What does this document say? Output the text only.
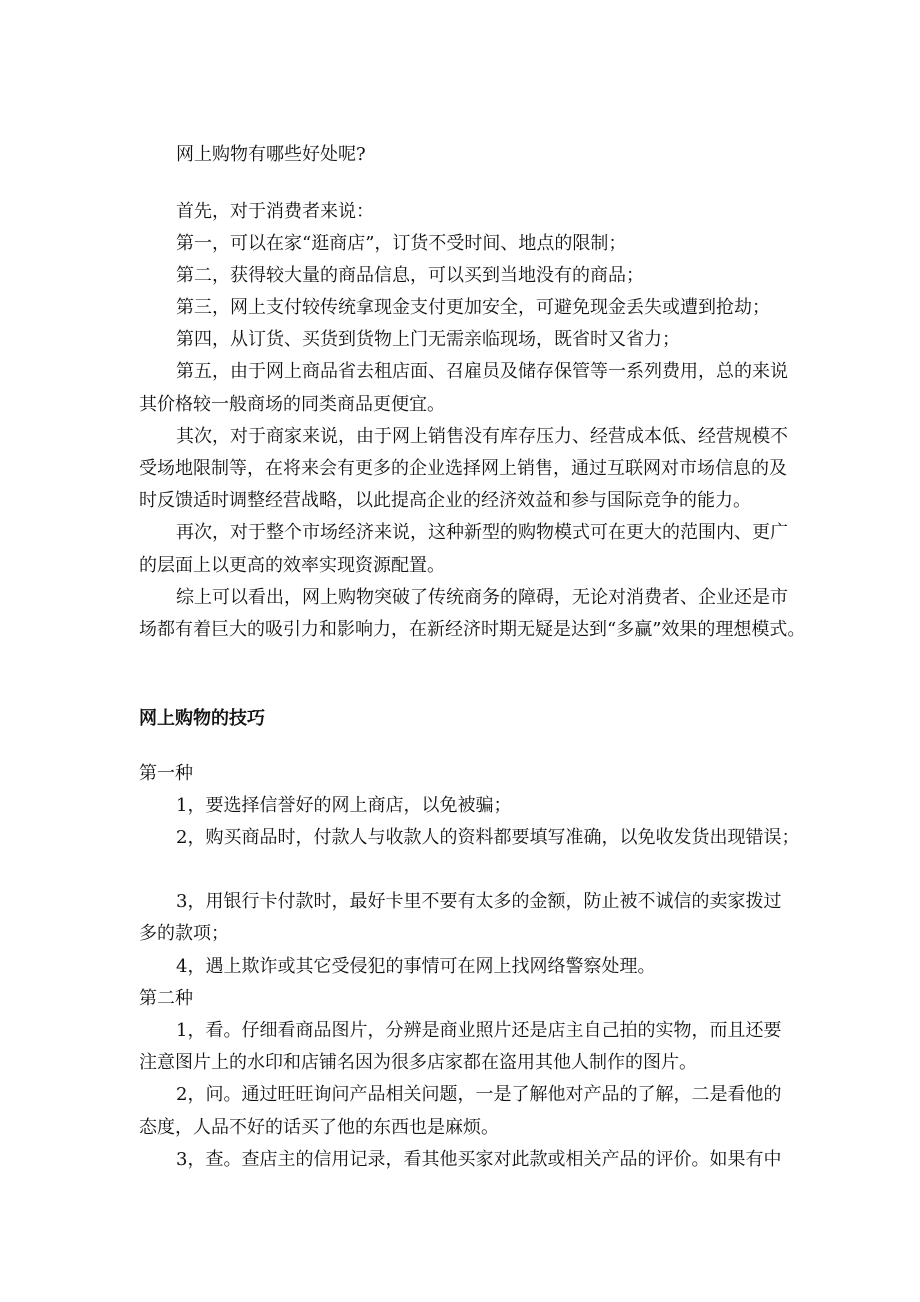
网上购物有哪些好处呢?

首先，对于消费者来说：

第一，可以在家“逛商店”，订货不受时间、地点的限制；

第二，获得较大量的商品信息，可以买到当地没有的商品；

第三，网上支付较传统拿现金支付更加安全，可避免现金丢失或遭到抢劫；

第四，从订货、买货到货物上门无需亲临现场，既省时又省力；

第五，由于网上商品省去租店面、召雇员及储存保管等一系列费用，总的来说

其价格较一般商场的同类商品更便宜。

其次，对于商家来说，由于网上销售没有库存压力、经营成本低、经营规模不

受场地限制等，在将来会有更多的企业选择网上销售，通过互联网对市场信息的及

时反馈适时调整经营战略，以此提高企业的经济效益和参与国际竞争的能力。

再次，对于整个市场经济来说，这种新型的购物模式可在更大的范围内、更广

的层面上以更高的效率实现资源配置。

综上可以看出，网上购物突破了传统商务的障碍，无论对消费者、企业还是市

场都有着巨大的吸引力和影响力，在新经济时期无疑是达到“多赢”效果的理想模式。

网上购物的技巧

第一种

1，要选择信誉好的网上商店，以免被骗；

2，购买商品时，付款人与收款人的资料都要填写准确，以免收发货出现错误；

3，用银行卡付款时，最好卡里不要有太多的金额，防止被不诚信的卖家拨过

多的款项；

4，遇上欺诈或其它受侵犯的事情可在网上找网络警察处理。

第二种

1，看。仔细看商品图片，分辨是商业照片还是店主自己拍的实物，而且还要

注意图片上的水印和店铺名因为很多店家都在盗用其他人制作的图片。

2，问。通过旺旺询问产品相关问题，一是了解他对产品的了解，二是看他的

态度，人品不好的话买了他的东西也是麻烦。

3，查。查店主的信用记录，看其他买家对此款或相关产品的评价。如果有中
